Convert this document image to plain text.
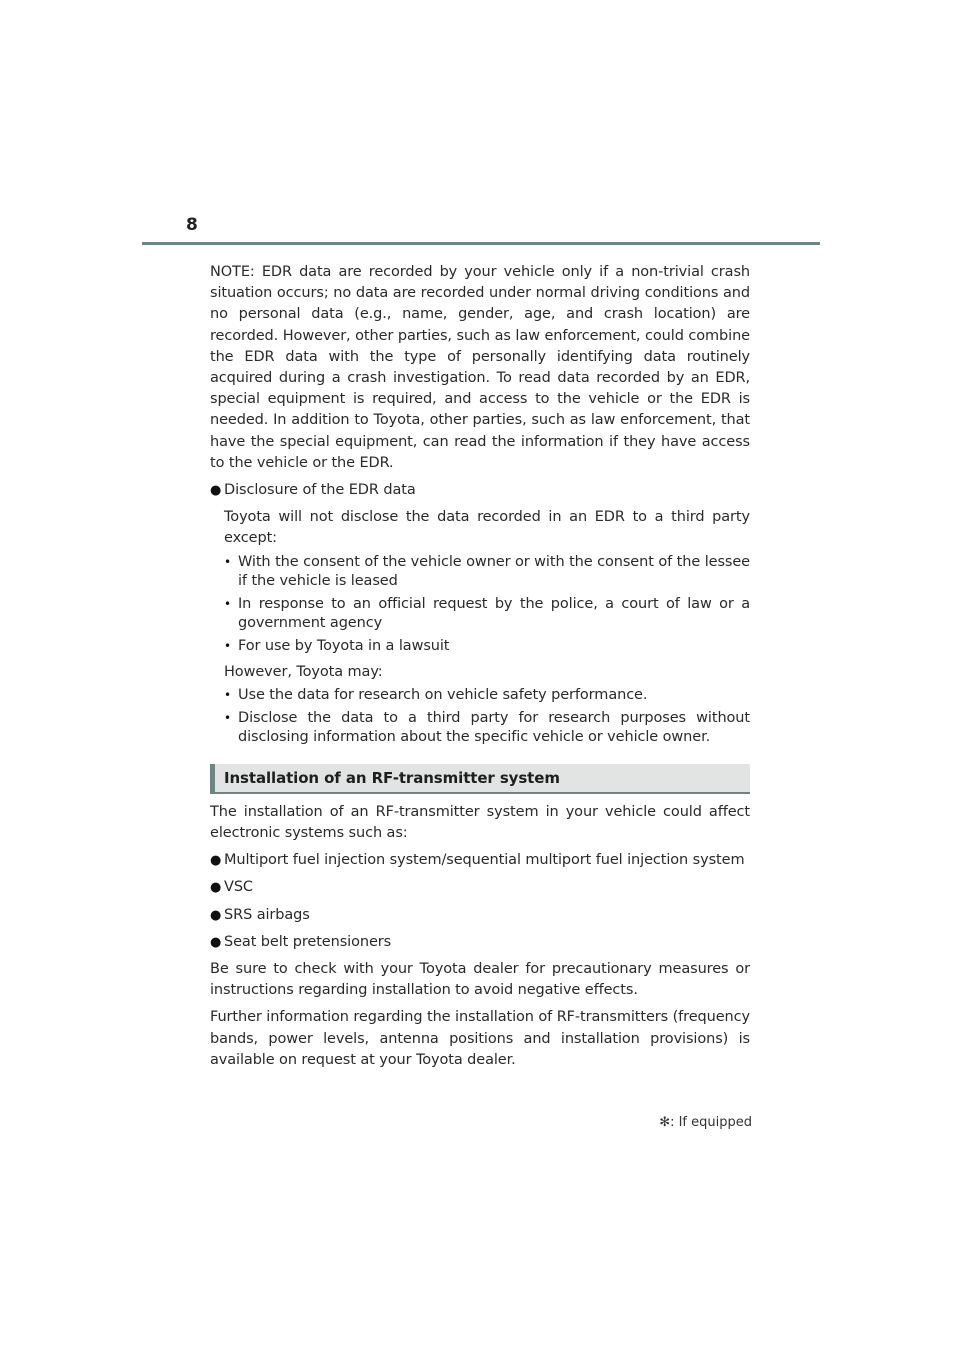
8

NOTE: EDR data are recorded by your vehicle only if a non-trivial crash situation occurs; no data are recorded under normal driving conditions and no personal data (e.g., name, gender, age, and crash location) are recorded. However, other parties, such as law enforcement, could combine the EDR data with the type of personally identifying data routinely acquired during a crash investigation. To read data recorded by an EDR, special equipment is required, and access to the vehicle or the EDR is needed. In addition to Toyota, other parties, such as law enforcement, that have the special equipment, can read the information if they have access to the vehicle or the EDR.

● Disclosure of the EDR data

Toyota will not disclose the data recorded in an EDR to a third party except:

• With the consent of the vehicle owner or with the consent of the lessee if the vehicle is leased
• In response to an official request by the police, a court of law or a government agency
• For use by Toyota in a lawsuit

However, Toyota may:

• Use the data for research on vehicle safety performance.
• Disclose the data to a third party for research purposes without disclosing information about the specific vehicle or vehicle owner.
Installation of an RF-transmitter system

The installation of an RF-transmitter system in your vehicle could affect electronic systems such as:

● Multiport fuel injection system/sequential multiport fuel injection system
● VSC
● SRS airbags
● Seat belt pretensioners

Be sure to check with your Toyota dealer for precautionary measures or instructions regarding installation to avoid negative effects.

Further information regarding the installation of RF-transmitters (frequency bands, power levels, antenna positions and installation provisions) is available on request at your Toyota dealer.

✻: If equipped
